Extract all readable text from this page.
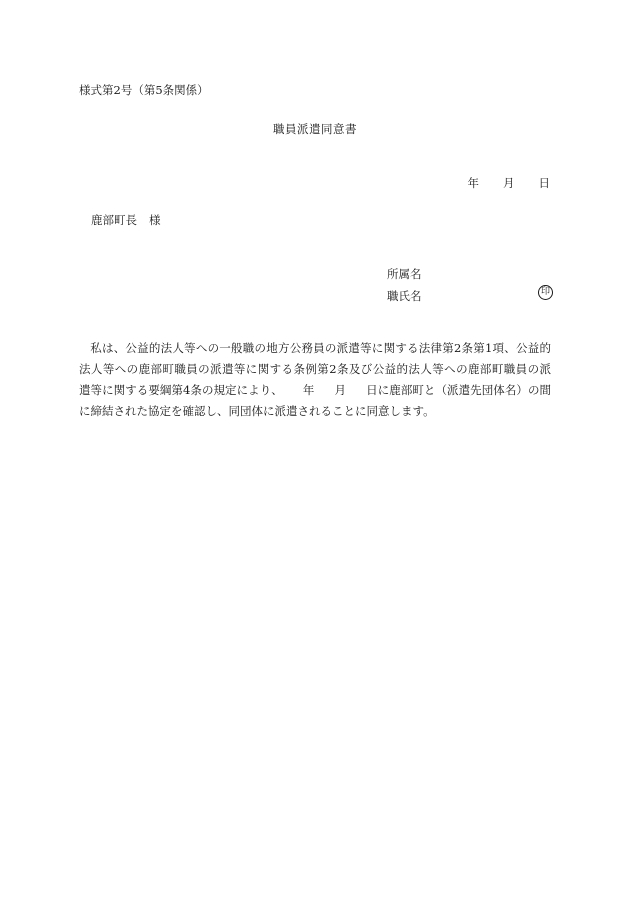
様式第2号（第5条関係）
職員派遣同意書
年 月 日
鹿部町長 様
所属名
職氏名	印
私は、公益的法人等への一般職の地方公務員の派遣等に関する法律第2条第1項、公益的
法人等への鹿部町職員の派遣等に関する条例第2条及び公益的法人等への鹿部町職員の派
遣等に関する要綱第4条の規定により、 年 月 日に鹿部町と（派遣先団体名）の間
に締結された協定を確認し、同団体に派遣されることに同意します。
